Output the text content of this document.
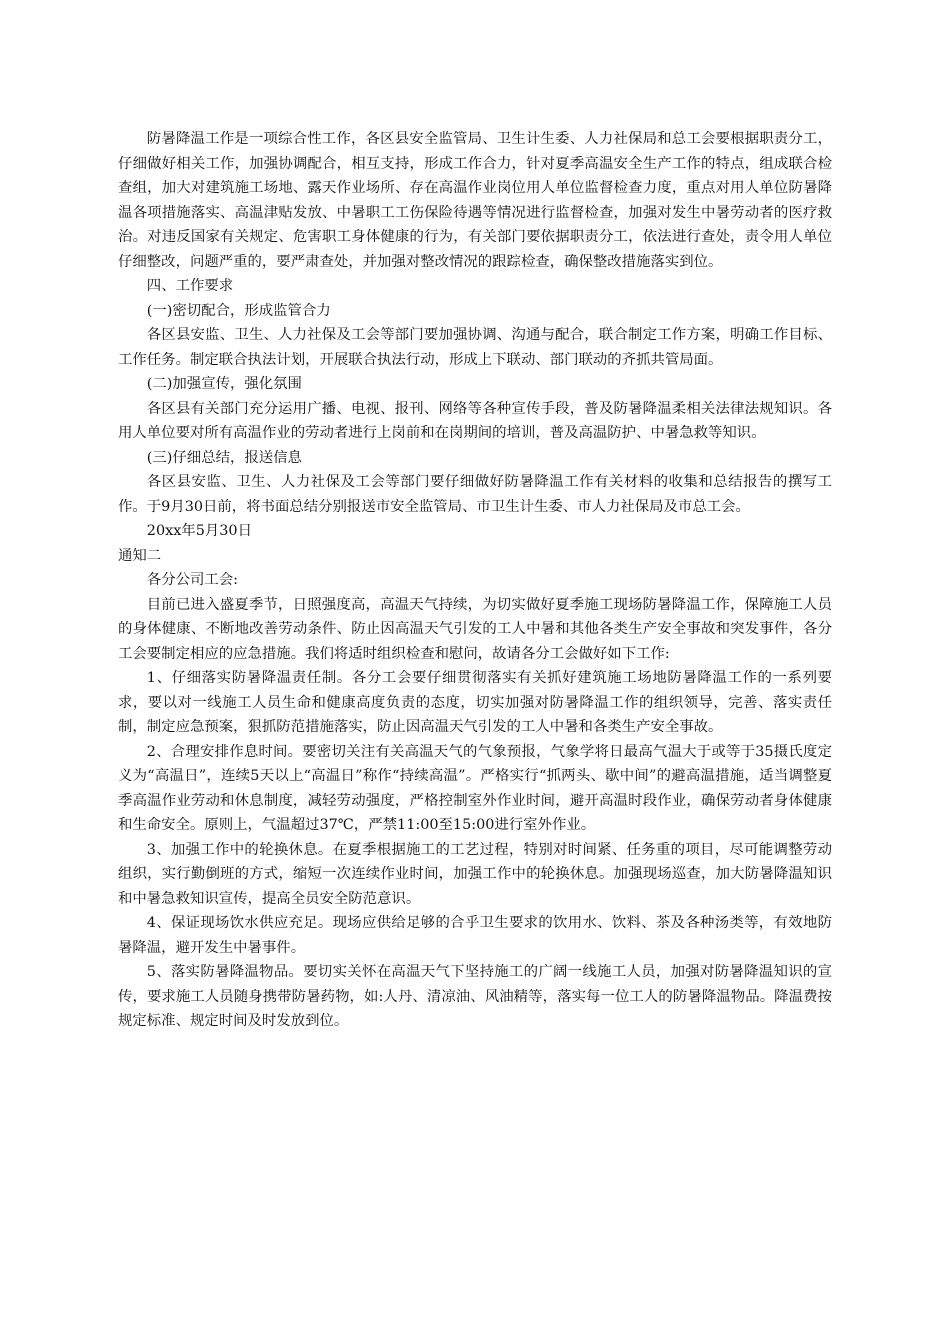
防暑降温工作是一项综合性工作，各区县安全监管局、卫生计生委、人力社保局和总工会要根据职责分工，仔细做好相关工作，加强协调配合，相互支持，形成工作合力，针对夏季高温安全生产工作的特点，组成联合检查组，加大对建筑施工场地、露天作业场所、存在高温作业岗位用人单位监督检查力度，重点对用人单位防暑降温各项措施落实、高温津贴发放、中暑职工工伤保险待遇等情况进行监督检查，加强对发生中暑劳动者的医疗救治。对违反国家有关规定、危害职工身体健康的行为，有关部门要依据职责分工，依法进行查处，责令用人单位仔细整改，问题严重的，要严肃查处，并加强对整改情况的跟踪检查，确保整改措施落实到位。

四、工作要求

(一)密切配合，形成监管合力

各区县安监、卫生、人力社保及工会等部门要加强协调、沟通与配合，联合制定工作方案，明确工作目标、工作任务。制定联合执法计划，开展联合执法行动，形成上下联动、部门联动的齐抓共管局面。

(二)加强宣传，强化氛围

各区县有关部门充分运用广播、电视、报刊、网络等各种宣传手段，普及防暑降温柔相关法律法规知识。各用人单位要对所有高温作业的劳动者进行上岗前和在岗期间的培训，普及高温防护、中暑急救等知识。

(三)仔细总结，报送信息

各区县安监、卫生、人力社保及工会等部门要仔细做好防暑降温工作有关材料的收集和总结报告的撰写工作。于9月30日前，将书面总结分别报送市安全监管局、市卫生计生委、市人力社保局及市总工会。

20xx年5月30日

通知二

各分公司工会:

目前已进入盛夏季节，日照强度高，高温天气持续，为切实做好夏季施工现场防暑降温工作，保障施工人员的身体健康、不断地改善劳动条件、防止因高温天气引发的工人中暑和其他各类生产安全事故和突发事件，各分工会要制定相应的应急措施。我们将适时组织检查和慰问，故请各分工会做好如下工作:

1、仔细落实防暑降温责任制。各分工会要仔细贯彻落实有关抓好建筑施工场地防暑降温工作的一系列要求，要以对一线施工人员生命和健康高度负责的态度，切实加强对防暑降温工作的组织领导，完善、落实责任制，制定应急预案，狠抓防范措施落实，防止因高温天气引发的工人中暑和各类生产安全事故。

2、合理安排作息时间。要密切关注有关高温天气的气象预报，气象学将日最高气温大于或等于35摄氏度定义为“高温日”，连续5天以上“高温日”称作“持续高温”。严格实行“抓两头、歇中间”的避高温措施，适当调整夏季高温作业劳动和休息制度，减轻劳动强度，严格控制室外作业时间，避开高温时段作业，确保劳动者身体健康和生命安全。原则上，气温超过37℃，严禁11:00至15:00进行室外作业。

3、加强工作中的轮换休息。在夏季根据施工的工艺过程，特别对时间紧、任务重的项目，尽可能调整劳动组织，实行勤倒班的方式，缩短一次连续作业时间，加强工作中的轮换休息。加强现场巡查，加大防暑降温知识和中暑急救知识宣传，提高全员安全防范意识。

4、保证现场饮水供应充足。现场应供给足够的合乎卫生要求的饮用水、饮料、茶及各种汤类等，有效地防暑降温，避开发生中暑事件。

5、落实防暑降温物品。要切实关怀在高温天气下坚持施工的广阔一线施工人员，加强对防暑降温知识的宣传，要求施工人员随身携带防暑药物，如:人丹、清凉油、风油精等，落实每一位工人的防暑降温物品。降温费按规定标准、规定时间及时发放到位。
